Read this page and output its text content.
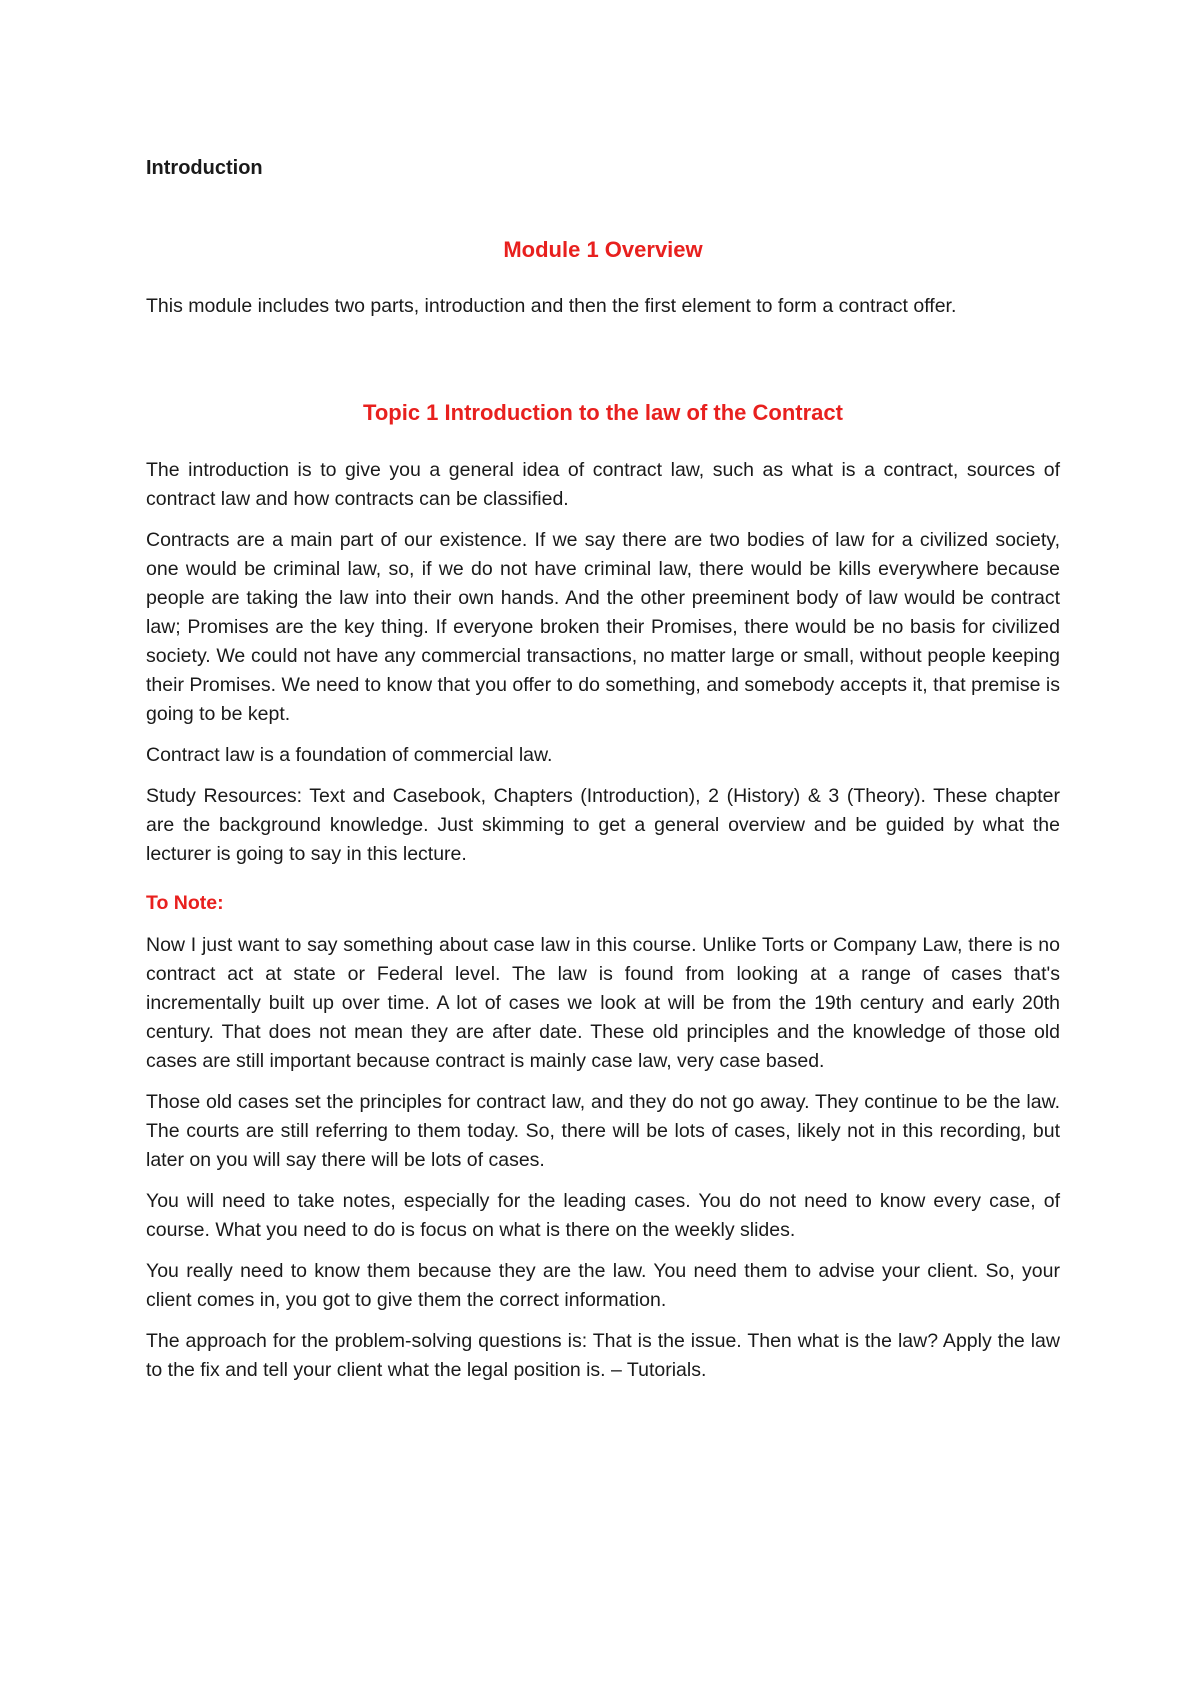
Introduction

Module 1 Overview

This module includes two parts, introduction and then the first element to form a contract offer.

Topic 1 Introduction to the law of the Contract

The introduction is to give you a general idea of contract law, such as what is a contract, sources of contract law and how contracts can be classified.

Contracts are a main part of our existence. If we say there are two bodies of law for a civilized society, one would be criminal law, so, if we do not have criminal law, there would be kills everywhere because people are taking the law into their own hands. And the other preeminent body of law would be contract law; Promises are the key thing. If everyone broken their Promises, there would be no basis for civilized society. We could not have any commercial transactions, no matter large or small, without people keeping their Promises. We need to know that you offer to do something, and somebody accepts it, that premise is going to be kept.

Contract law is a foundation of commercial law.

Study Resources: Text and Casebook, Chapters (Introduction), 2 (History) & 3 (Theory). These chapter are the background knowledge. Just skimming to get a general overview and be guided by what the lecturer is going to say in this lecture.

To Note:

Now I just want to say something about case law in this course. Unlike Torts or Company Law, there is no contract act at state or Federal level. The law is found from looking at a range of cases that's incrementally built up over time. A lot of cases we look at will be from the 19th century and early 20th century. That does not mean they are after date. These old principles and the knowledge of those old cases are still important because contract is mainly case law, very case based.

Those old cases set the principles for contract law, and they do not go away. They continue to be the law. The courts are still referring to them today. So, there will be lots of cases, likely not in this recording, but later on you will say there will be lots of cases.

You will need to take notes, especially for the leading cases. You do not need to know every case, of course. What you need to do is focus on what is there on the weekly slides.

You really need to know them because they are the law. You need them to advise your client. So, your client comes in, you got to give them the correct information.

The approach for the problem-solving questions is: That is the issue. Then what is the law? Apply the law to the fix and tell your client what the legal position is. – Tutorials.
